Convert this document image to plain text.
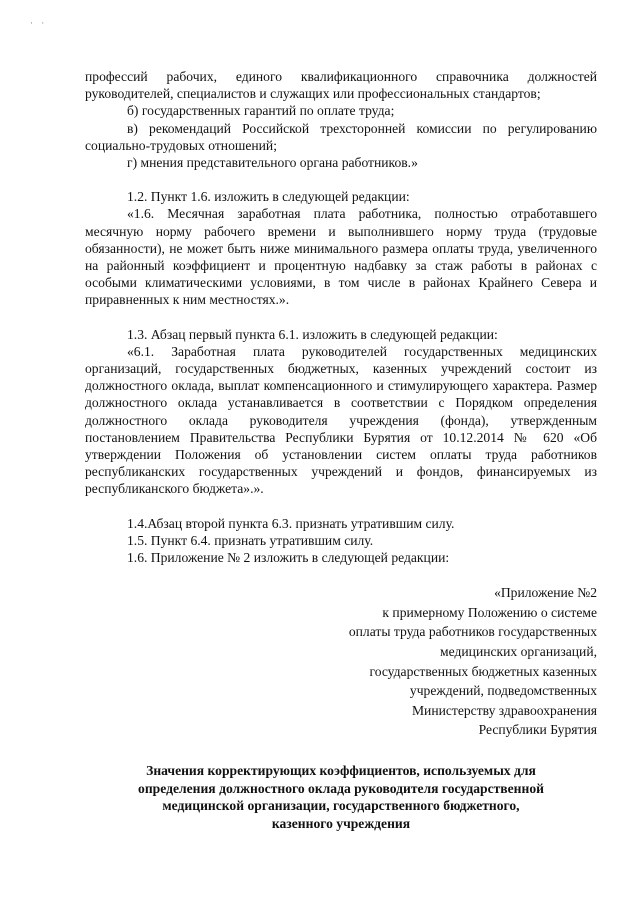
· ·

профессий рабочих, единого квалификационного справочника должностей руководителей, специалистов и служащих или профессиональных стандартов;

б) государственных гарантий по оплате труда;

в) рекомендаций Российской трехсторонней комиссии по регулированию социально-трудовых отношений;

г) мнения представительного органа работников.»

1.2. Пункт 1.6. изложить в следующей редакции:

«1.6. Месячная заработная плата работника, полностью отработавшего месячную норму рабочего времени и выполнившего норму труда (трудовые обязанности), не может быть ниже минимального размера оплаты труда, увеличенного на районный коэффициент и процентную надбавку за стаж работы в районах с особыми климатическими условиями, в том числе в районах Крайнего Севера и приравненных к ним местностях.».

1.3. Абзац первый пункта 6.1. изложить в следующей редакции:

«6.1. Заработная плата руководителей государственных медицинских организаций, государственных бюджетных, казенных учреждений состоит из должностного оклада, выплат компенсационного и стимулирующего характера. Размер должностного оклада устанавливается в соответствии с Порядком определения должностного оклада руководителя учреждения (фонда), утвержденным постановлением Правительства Республики Бурятия от 10.12.2014 № 620 «Об утверждении Положения об установлении систем оплаты труда работников республиканских государственных учреждений и фондов, финансируемых из республиканского бюджета».».

1.4.Абзац второй пункта 6.3. признать утратившим силу.

1.5. Пункт 6.4. признать утратившим силу.

1.6. Приложение № 2 изложить в следующей редакции:

«Приложение №2
к примерному Положению о системе
оплаты труда работников государственных
медицинских организаций,
государственных бюджетных казенных
учреждений, подведомственных
Министерству здравоохранения
Республики Бурятия
Значения корректирующих коэффициентов, используемых для
определения должностного оклада руководителя государственной
медицинской организации, государственного бюджетного,
казенного учреждения
